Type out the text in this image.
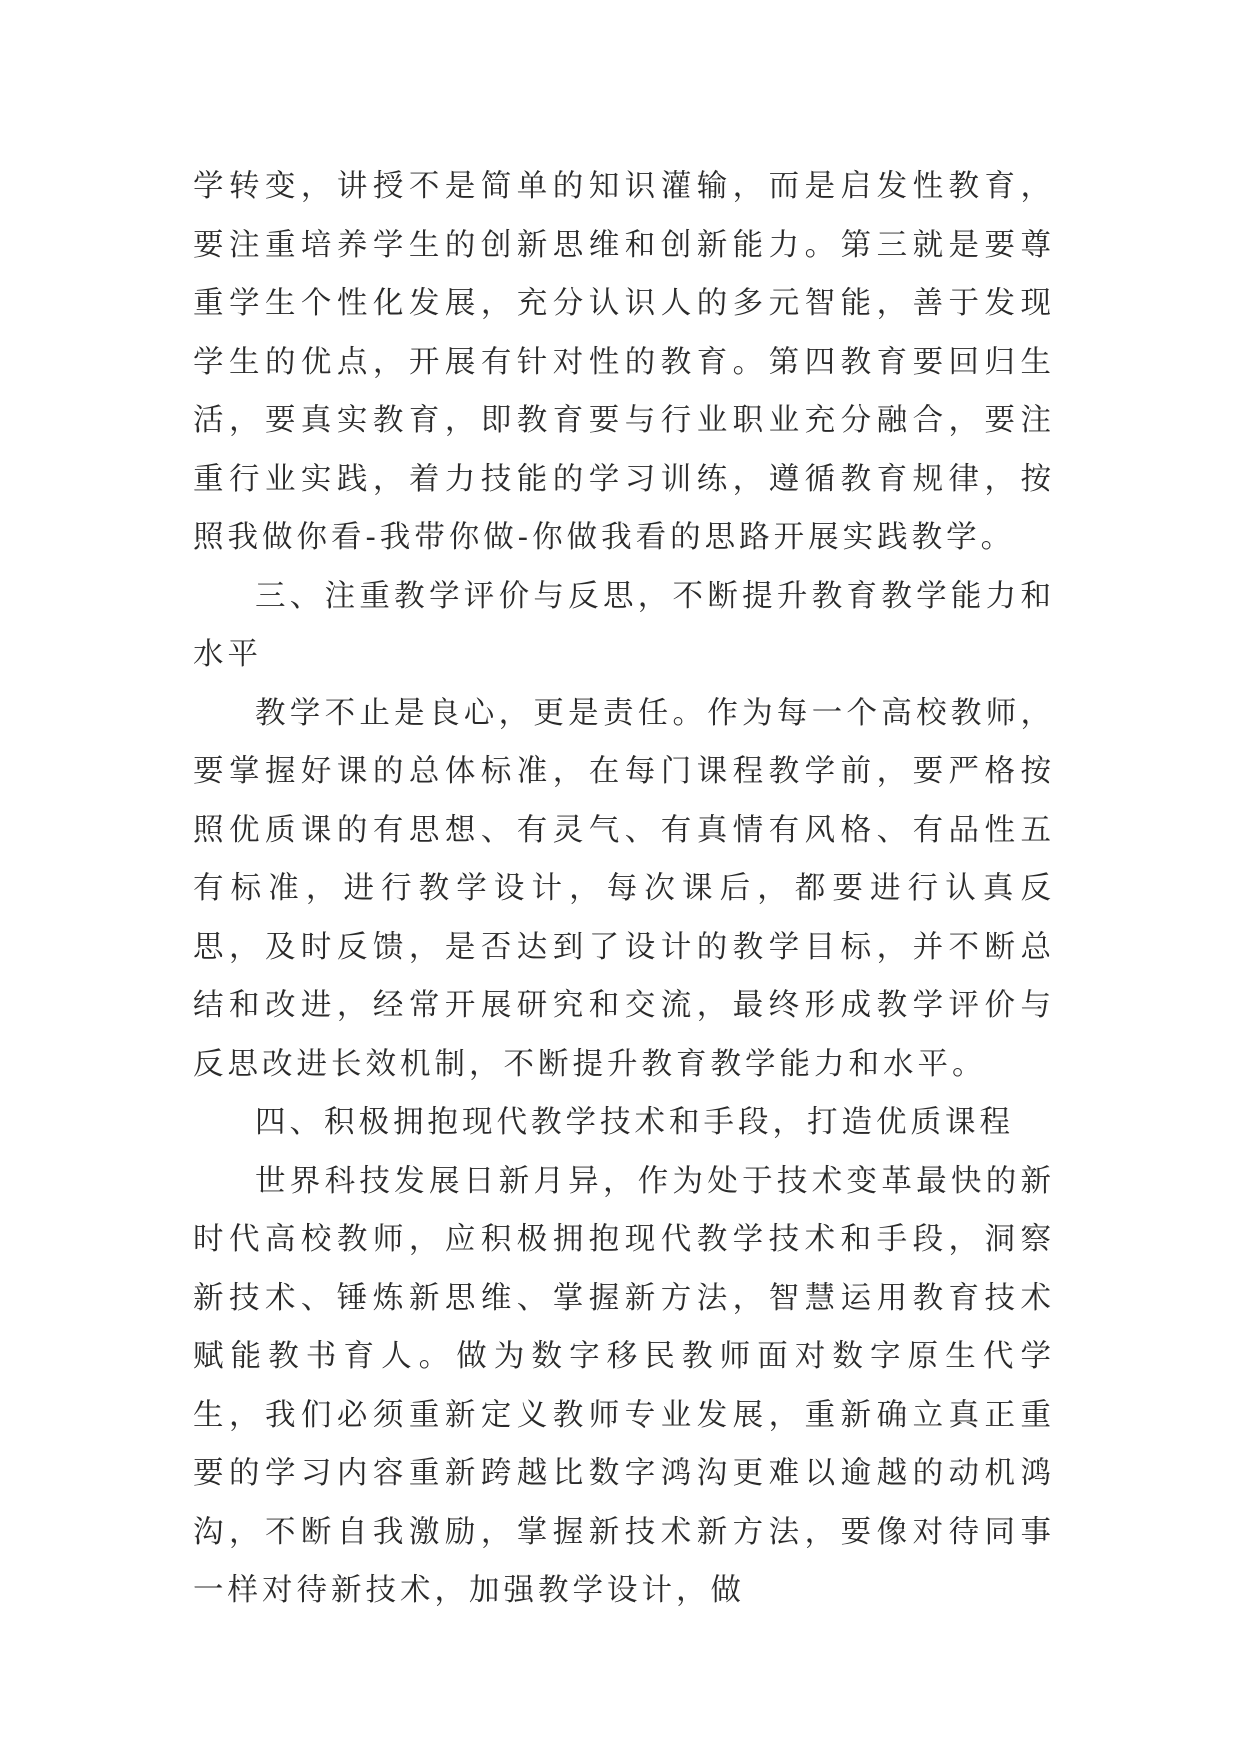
学转变，讲授不是简单的知识灌输，而是启发性教育，要注重培养学生的创新思维和创新能力。第三就是要尊重学生个性化发展，充分认识人的多元智能，善于发现学生的优点，开展有针对性的教育。第四教育要回归生活，要真实教育，即教育要与行业职业充分融合，要注重行业实践，着力技能的学习训练，遵循教育规律，按照我做你看-我带你做-你做我看的思路开展实践教学。

三、注重教学评价与反思，不断提升教育教学能力和水平

教学不止是良心，更是责任。作为每一个高校教师，要掌握好课的总体标准，在每门课程教学前，要严格按照优质课的有思想、有灵气、有真情有风格、有品性五有标准，进行教学设计，每次课后，都要进行认真反思，及时反馈，是否达到了设计的教学目标，并不断总结和改进，经常开展研究和交流，最终形成教学评价与反思改进长效机制，不断提升教育教学能力和水平。

四、积极拥抱现代教学技术和手段，打造优质课程

世界科技发展日新月异，作为处于技术变革最快的新时代高校教师，应积极拥抱现代教学技术和手段，洞察新技术、锤炼新思维、掌握新方法，智慧运用教育技术赋能教书育人。做为数字移民教师面对数字原生代学生，我们必须重新定义教师专业发展，重新确立真正重要的学习内容重新跨越比数字鸿沟更难以逾越的动机鸿沟，不断自我激励，掌握新技术新方法，要像对待同事一样对待新技术，加强教学设计，做
